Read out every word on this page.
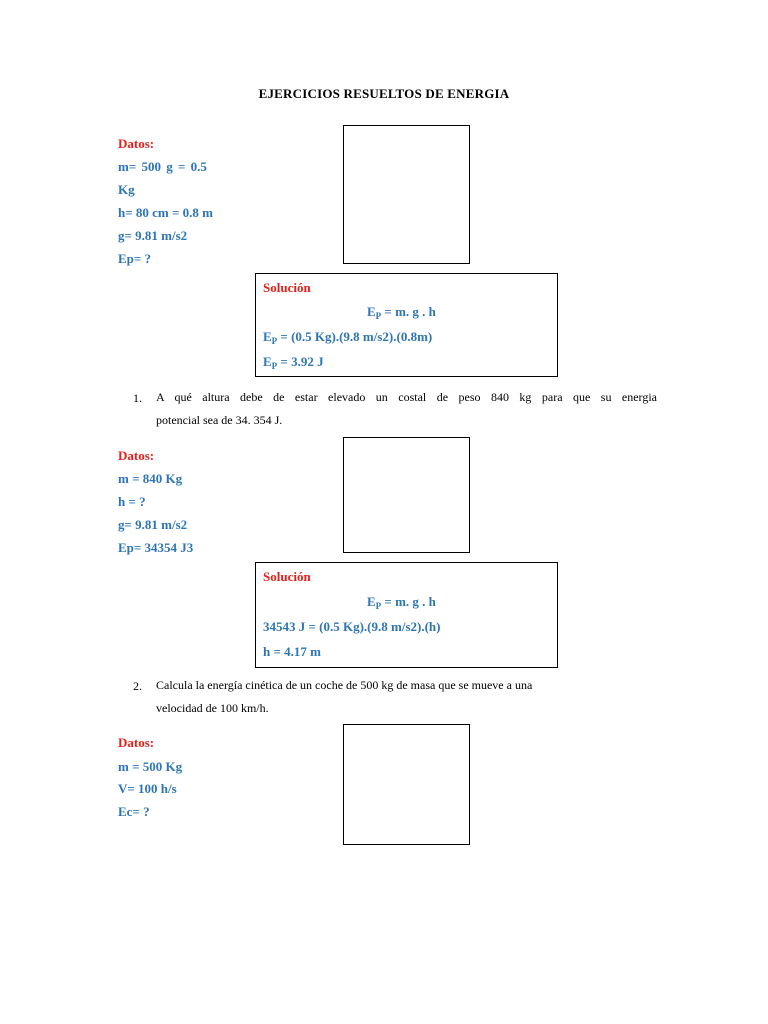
EJERCICIOS RESUELTOS DE ENERGIA
Datos:
m= 500 g = 0.5
Kg
h= 80 cm = 0.8 m
g= 9.81 m/s2
Ep= ?
Solución
$E_P = m$. g . h
$E_P = (0.5$ Kg).(9.8 m/s2).(0.8m)
$E_P = 3.92$ J
1. A qué altura debe de estar elevado un costal de peso 840 kg para que su energia
potencial sea de 34. 354 J.
Datos:
m = 840 Kg
h = ?
g= 9.81 m/s2
Ep= 34354 J3
Solución
$E_P = m$. g . h
34543 J = (0.5 Kg).(9.8 m/s2).(h)
h = 4.17 m
2. Calcula la energía cinética de un coche de 500 kg de masa que se mueve a una
velocidad de 100 km/h.
Datos:
m = 500 Kg
V= 100 h/s
Ec= ?
